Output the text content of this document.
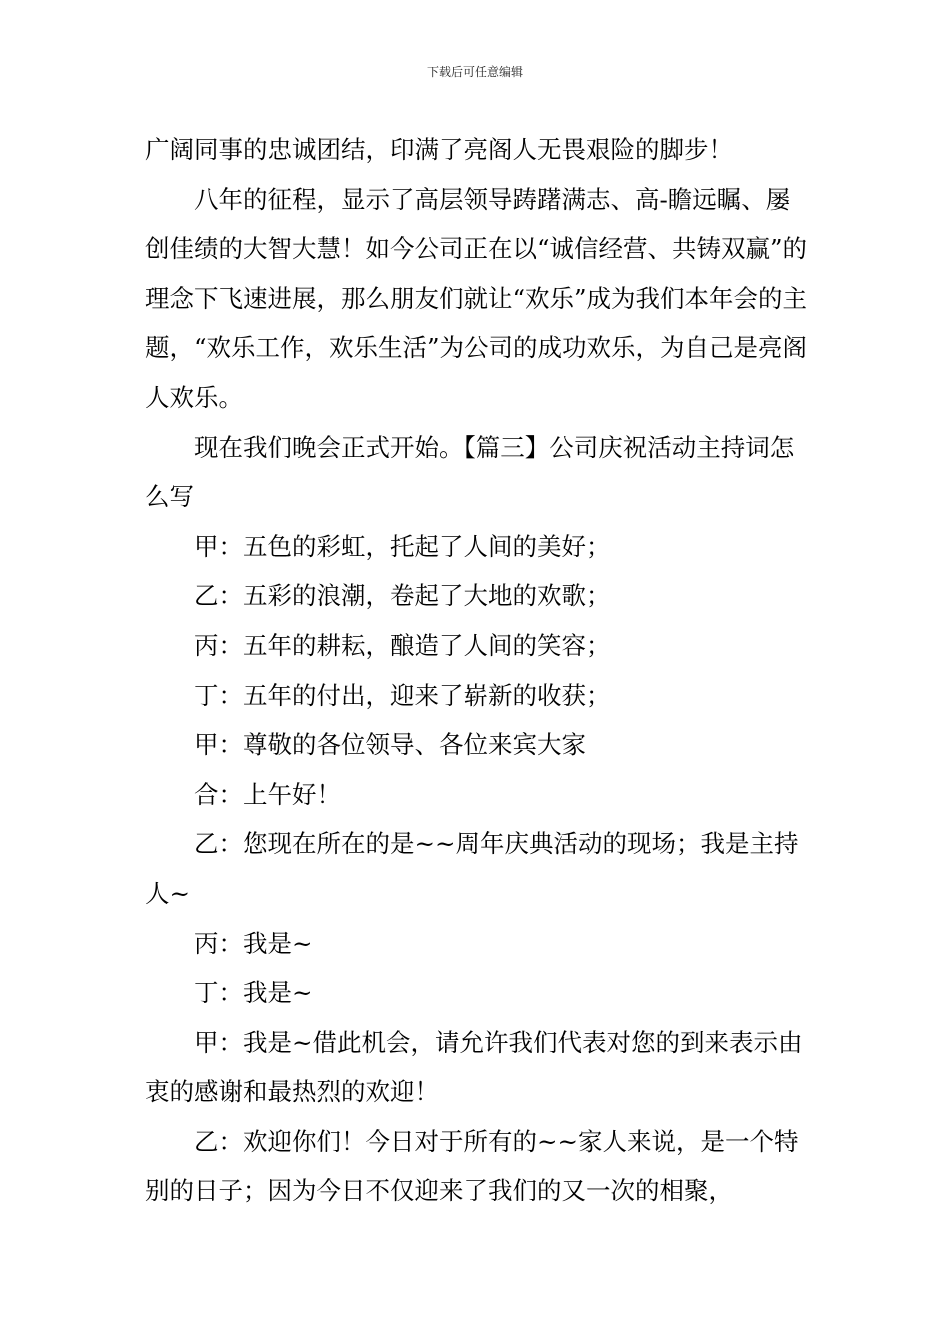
下载后可任意编辑

广阔同事的忠诚团结，印满了亮阁人无畏艰险的脚步！

八年的征程，显示了高层领导踌躇满志、高-瞻远瞩、屡创佳绩的大智大慧！如今公司正在以“诚信经营、共铸双赢”的理念下飞速进展，那么朋友们就让“欢乐”成为我们本年会的主题，“欢乐工作，欢乐生活”为公司的成功欢乐，为自己是亮阁人欢乐。

现在我们晚会正式开始。【篇三】公司庆祝活动主持词怎么写

甲：五色的彩虹，托起了人间的美好；

乙：五彩的浪潮，卷起了大地的欢歌；

丙：五年的耕耘，酿造了人间的笑容；

丁：五年的付出，迎来了崭新的收获；

甲：尊敬的各位领导、各位来宾大家

合：上午好！

乙：您现在所在的是~~周年庆典活动的现场；我是主持人~

丙：我是~

丁：我是~

甲：我是~借此机会，请允许我们代表对您的到来表示由衷的感谢和最热烈的欢迎！

乙：欢迎你们！今日对于所有的~~家人来说，是一个特别的日子；因为今日不仅迎来了我们的又一次的相聚，
